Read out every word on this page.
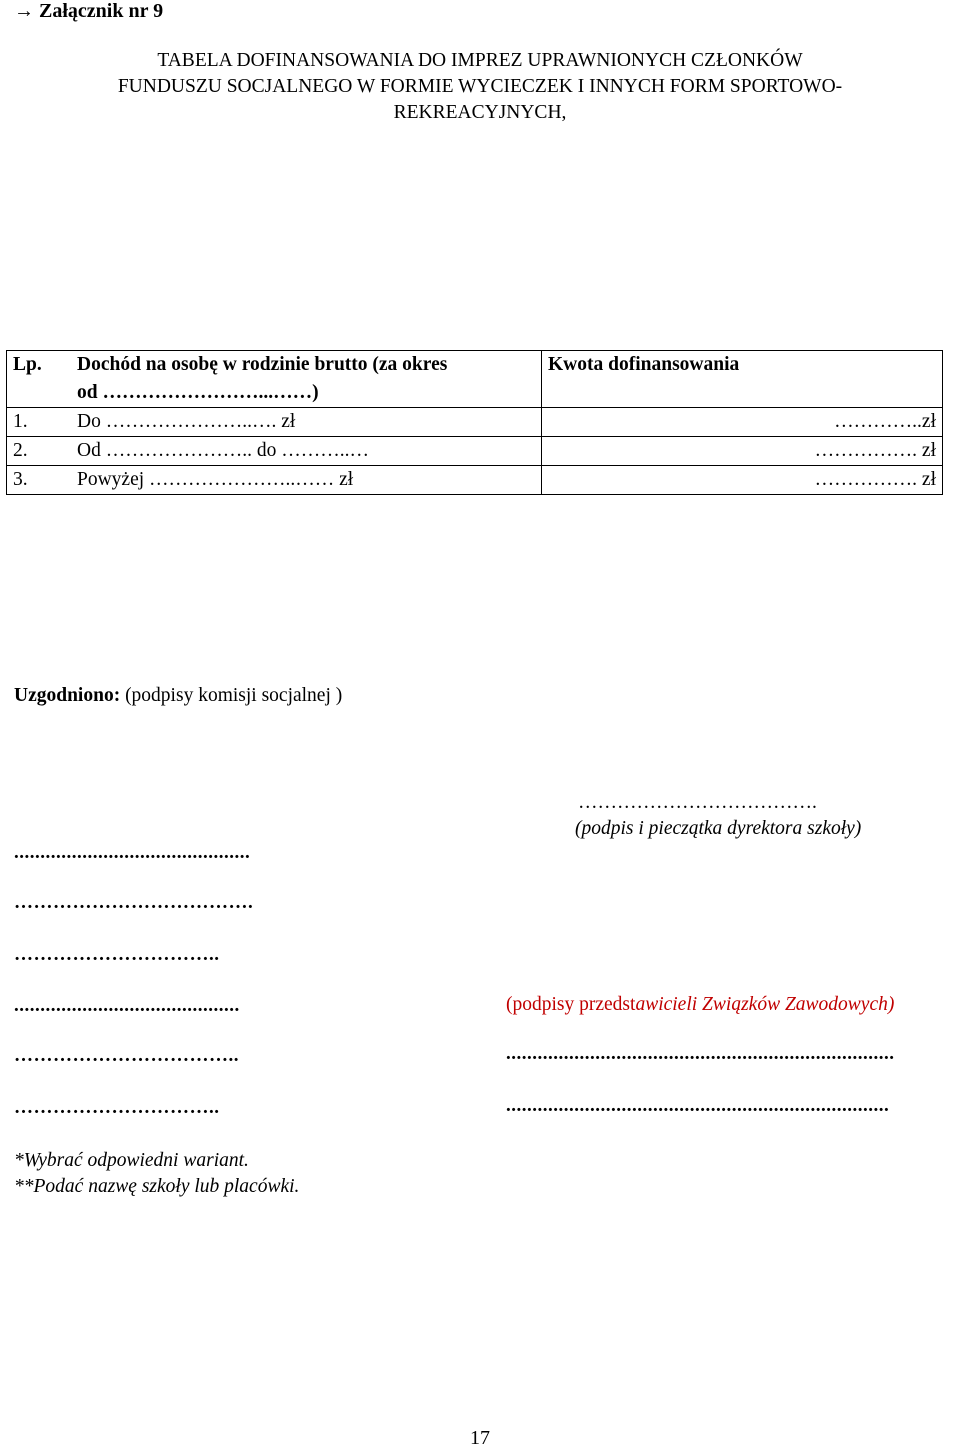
→ Załącznik nr 9
TABELA DOFINANSOWANIA DO IMPREZ UPRAWNIONYCH CZŁONKÓW
FUNDUSZU SOCJALNEGO W FORMIE WYCIECZEK I INNYCH FORM SPORTOWO-
REKREACYJNYCH,
Lp.	Dochód na osobę w rodzinie brutto (za okres
od ……………………...……)	Kwota dofinansowania
1.	Do …………………..…. zł	…………..zł
2.	Od ………………….. do ………..…	……………. zł
3.	Powyżej …………………..…… zł	……………. zł
Uzgodniono: (podpisy komisji socjalnej )
.............................................
……………………………….
…………………………..
...........................................
……………………………..
…………………………..
……………………………….
(podpis i pieczątka dyrektora szkoły)
(podpisy przedstawicieli Związków Zawodowych)
..........................................................................
.........................................................................
*Wybrać odpowiedni wariant.
**Podać nazwę szkoły lub placówki.
17
